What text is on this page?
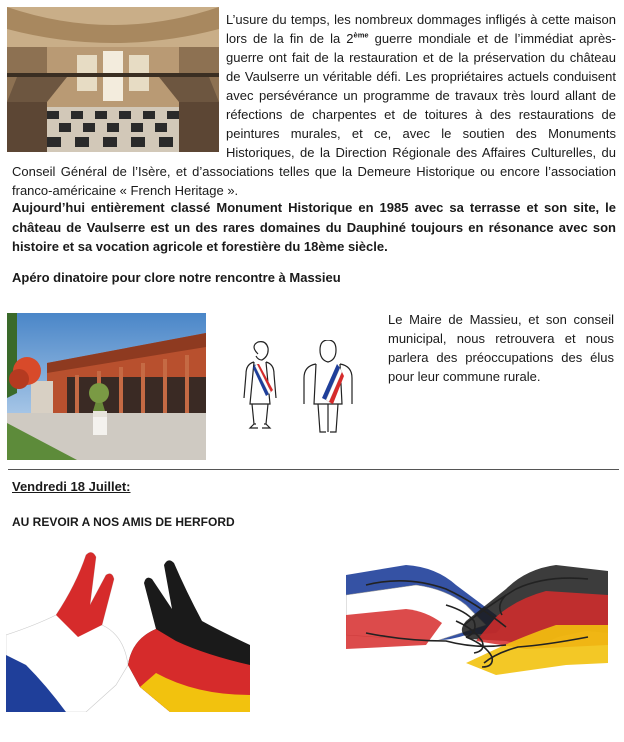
L’usure du temps, les nombreux dommages infligés à cette maison lors de la fin de la 2ème guerre mondiale et de l’immédiat après-guerre ont fait de la restauration et de la préservation du château de Vaulserre un véritable défi. Les propriétaires actuels conduisent avec persévérance un programme de travaux très lourd allant de réfections de charpentes et de toitures à des restaurations de peintures murales, et ce, avec le soutien des Monuments Historiques, de la Direction Régionale des Affaires Culturelles, du Conseil Général de l’Isère, et d’associations telles que la Demeure Historique ou encore l’association franco-américaine « French Heritage ».
Aujourd’hui entièrement classé Monument Historique en 1985 avec sa terrasse et son site, le château de Vaulserre est un des rares domaines du Dauphiné toujours en résonance avec son histoire et sa vocation agricole et forestière du 18ème siècle.
Apéro dinatoire pour clore notre rencontre à Massieu
Le Maire de Massieu, et son conseil municipal, nous retrouvera et nous parlera des préoccupations des élus pour leur commune rurale.
Vendredi 18 Juillet:
AU REVOIR A NOS AMIS DE HERFORD
